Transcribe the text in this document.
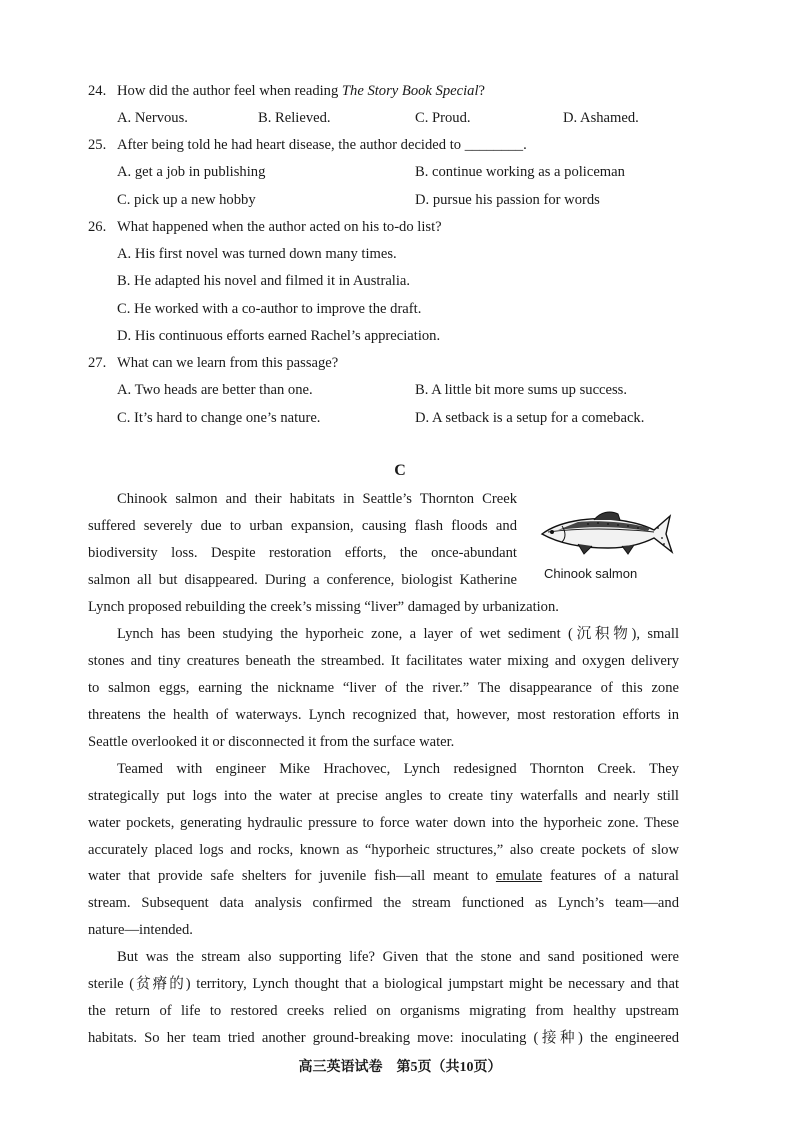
24. How did the author feel when reading The Story Book Special?
A. Nervous.	B. Relieved.	C. Proud.	D. Ashamed.
25. After being told he had heart disease, the author decided to ________.
A. get a job in publishing	B. continue working as a policeman
C. pick up a new hobby	D. pursue his passion for words
26. What happened when the author acted on his to-do list?
A. His first novel was turned down many times.
B. He adapted his novel and filmed it in Australia.
C. He worked with a co-author to improve the draft.
D. His continuous efforts earned Rachel’s appreciation.
27. What can we learn from this passage?
A. Two heads are better than one.	B. A little bit more sums up success.
C. It’s hard to change one’s nature.	D. A setback is a setup for a comeback.
C
Chinook salmon and their habitats in Seattle’s Thornton Creek
suffered severely due to urban expansion, causing flash floods and
biodiversity loss. Despite restoration efforts, the once-abundant
salmon all but disappeared. During a conference, biologist Katherine
Lynch proposed rebuilding the creek’s missing “liver” damaged by urbanization.
Chinook salmon
Lynch has been studying the hyporheic zone, a layer of wet sediment (沉积物), small
stones and tiny creatures beneath the streambed. It facilitates water mixing and oxygen delivery
to salmon eggs, earning the nickname “liver of the river.” The disappearance of this zone
threatens the health of waterways. Lynch recognized that, however, most restoration efforts in
Seattle overlooked it or disconnected it from the surface water.
Teamed with engineer Mike Hrachovec, Lynch redesigned Thornton Creek. They
strategically put logs into the water at precise angles to create tiny waterfalls and nearly still
water pockets, generating hydraulic pressure to force water down into the hyporheic zone. These
accurately placed logs and rocks, known as “hyporheic structures,” also create pockets of slow
water that provide safe shelters for juvenile fish—all meant to emulate features of a natural
stream. Subsequent data analysis confirmed the stream functioned as Lynch’s team—and
nature—intended.
But was the stream also supporting life? Given that the stone and sand positioned were
sterile (贫瘠的) territory, Lynch thought that a biological jumpstart might be necessary and that
the return of life to restored creeks relied on organisms migrating from healthy upstream
habitats. So her team tried another ground-breaking move: inoculating (接种) the engineered
高三英语试卷　第5页（共10页）
